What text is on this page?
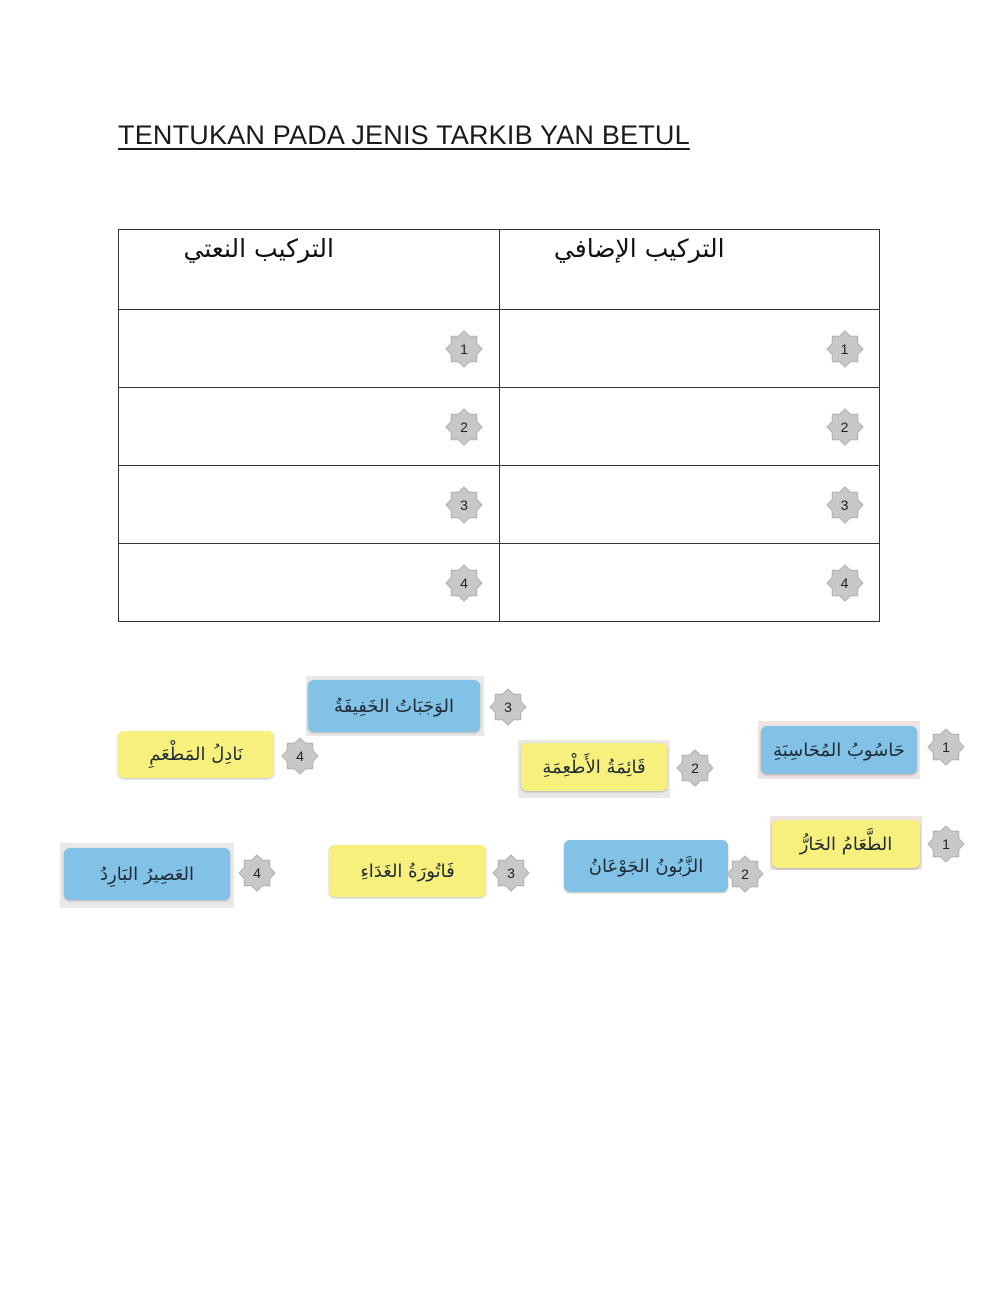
TENTUKAN PADA JENIS TARKIB YAN BETUL
التركيب النعتي	التركيب الإضافي

1	1

2	2

3	3

4	4
الوَجَبَاتُ الخَفِيفَةُ	3
نَادِلُ المَطْعَمِ	4
قَائِمَةُ الأَطْعِمَةِ	2
حَاسُوبُ المُحَاسِبَةِ	1
الطَّعَامُ الحَارُّ	1
الزَّبُونُ الجَوْعَانُ	2
فَاتُورَةُ الغَدَاءِ	3
العَصِيرُ البَارِدُ	4
